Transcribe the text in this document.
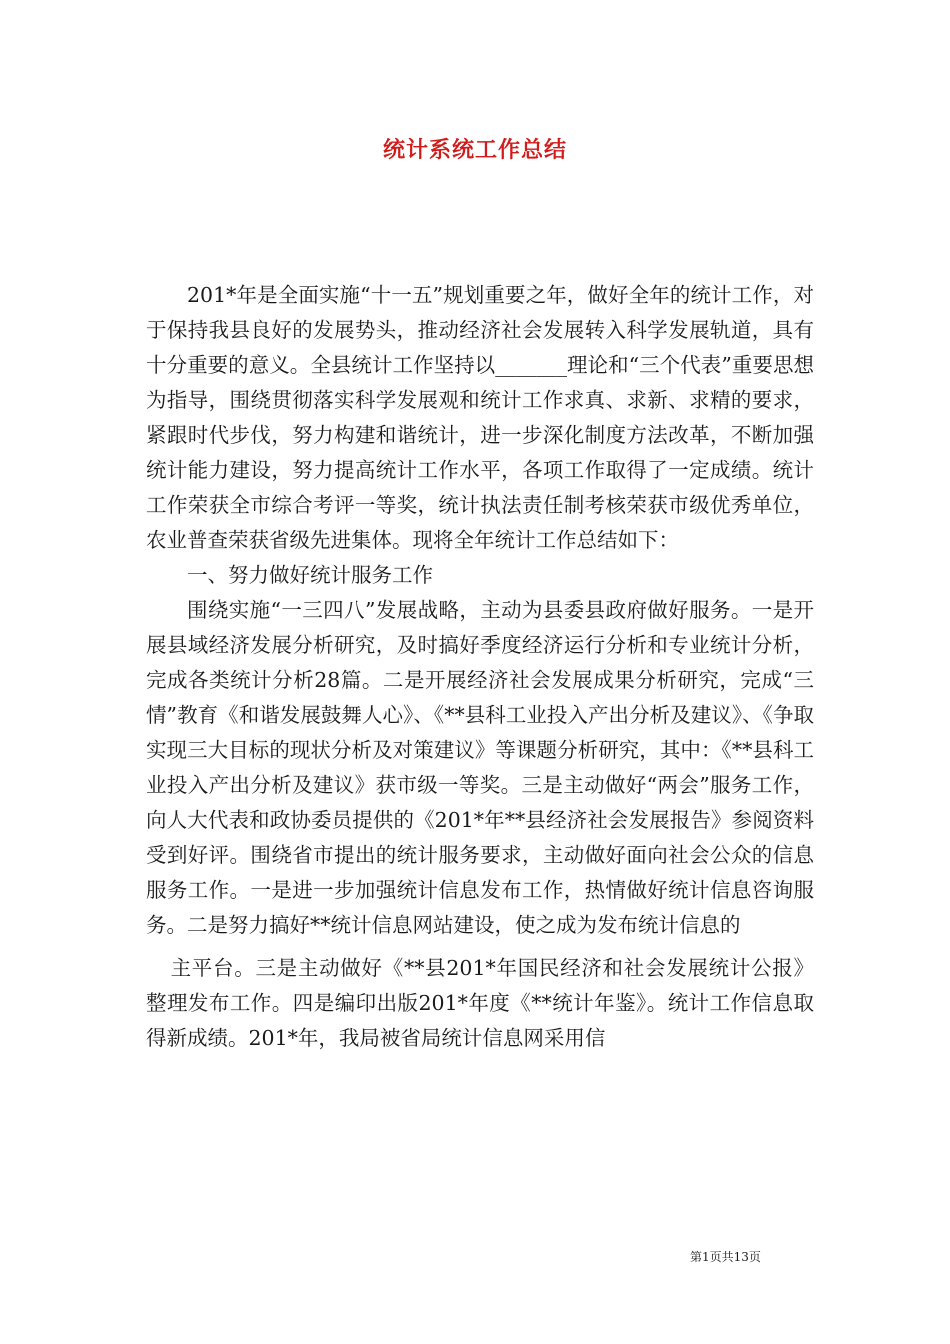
统计系统工作总结

201*年是全面实施“十一五”规划重要之年，做好全年的统计工作，对于保持我县良好的发展势头，推动经济社会发展转入科学发展轨道，具有十分重要的意义。全县统计工作坚持以_______理论和“三个代表”重要思想为指导，围绕贯彻落实科学发展观和统计工作求真、求新、求精的要求，紧跟时代步伐，努力构建和谐统计，进一步深化制度方法改革，不断加强统计能力建设，努力提高统计工作水平，各项工作取得了一定成绩。统计工作荣获全市综合考评一等奖，统计执法责任制考核荣获市级优秀单位，农业普查荣获省级先进集体。现将全年统计工作总结如下：

一、努力做好统计服务工作

围绕实施“一三四八”发展战略，主动为县委县政府做好服务。一是开展县域经济发展分析研究，及时搞好季度经济运行分析和专业统计分析，完成各类统计分析28篇。二是开展经济社会发展成果分析研究，完成“三情”教育《和谐发展鼓舞人心》、《**县科工业投入产出分析及建议》、《争取实现三大目标的现状分析及对策建议》等课题分析研究，其中：《**县科工业投入产出分析及建议》获市级一等奖。三是主动做好“两会”服务工作，向人大代表和政协委员提供的《201*年**县经济社会发展报告》参阅资料受到好评。围绕省市提出的统计服务要求，主动做好面向社会公众的信息服务工作。一是进一步加强统计信息发布工作，热情做好统计信息咨询服务。二是努力搞好**统计信息网站建设，使之成为发布统计信息的

主平台。三是主动做好《**县201*年国民经济和社会发展统计公报》整理发布工作。四是编印出版201*年度《**统计年鉴》。统计工作信息取得新成绩。201*年，我局被省局统计信息网采用信

第1页共13页
